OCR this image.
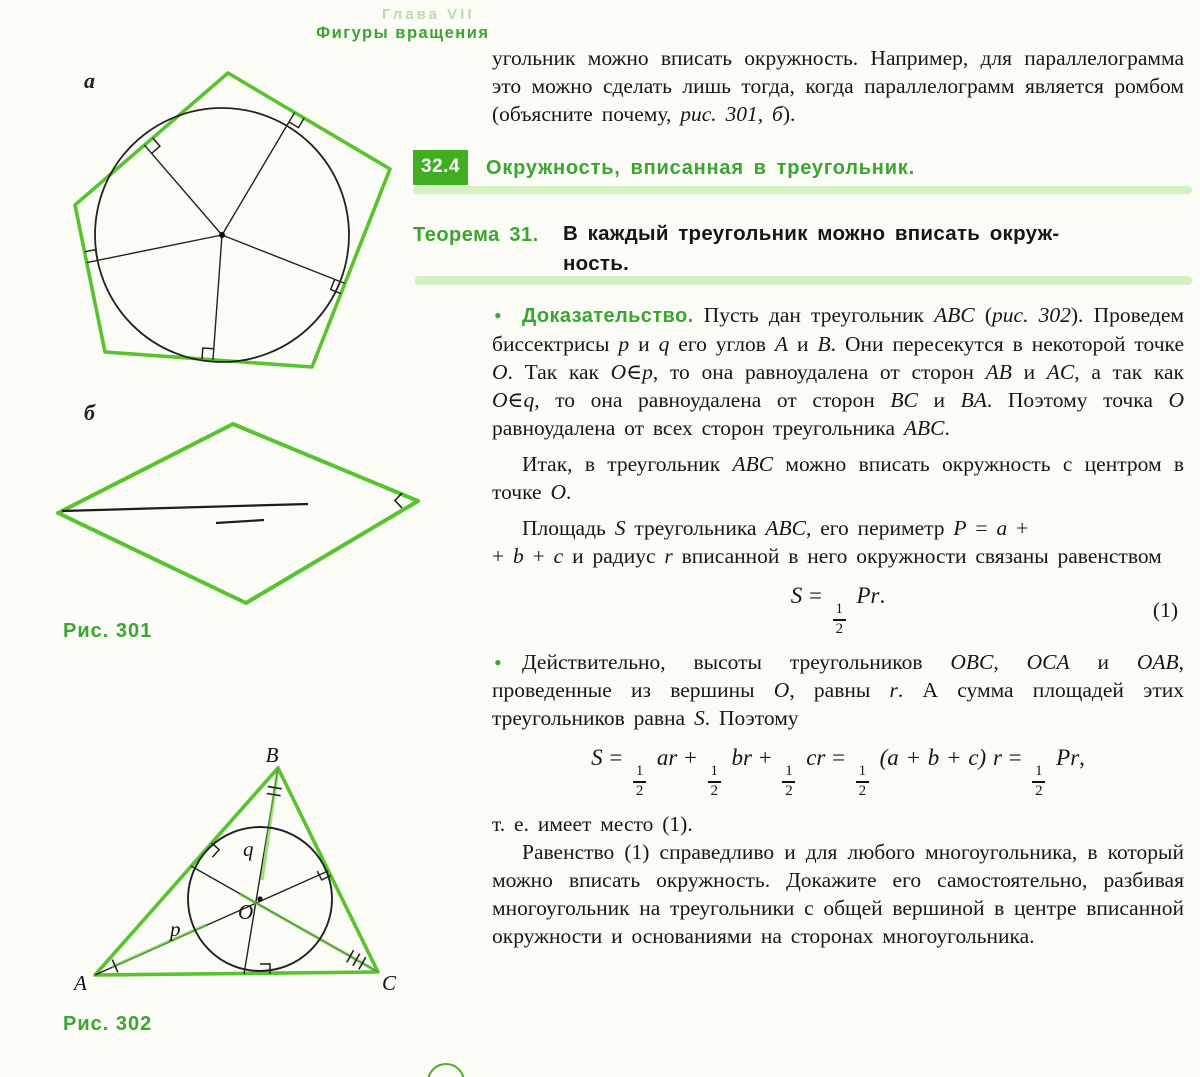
Глава VII
Фигуры вращения
а
б
Рис. 301
B
A	C
O
p
q
Рис. 302

угольник можно вписать окружность. Например, для параллелограмма это можно сделать лишь тогда, когда параллелограмм является ромбом (объясните почему, рис. 301, б).

32.4	Окружность, вписанная в треугольник.
Теорема 31.	В каждый треугольник можно вписать окруж-
ность.

• Доказательство. Пусть дан треугольник ABC (рис. 302). Проведем биссектрисы p и q его углов A и B. Они пересекутся в некоторой точке O. Так как O∈p, то она равноудалена от сторон AB и AC, а так как O∈q, то она равноудалена от сторон BC и BA. Поэтому точка O равноудалена от всех сторон треугольника ABC.

Итак, в треугольник ABC можно вписать окружность с центром в точке O.

Площадь S треугольника ABC, его периметр P = a +
+ b + c и радиус r вписанной в него окружности связаны равенством

S =
$\frac{1}{2}$
Pr.
(1)

• Действительно, высоты треугольников OBC, OCA и OAB, проведенные из вершины O, равны r. А сумма площадей этих треугольников равна S. Поэтому

S =
$\frac{1}{2}$
ar +
$\frac{1}{2}$
br +
$\frac{1}{2}$
cr =
$\frac{1}{2}$
(a + b + c) r =
$\frac{1}{2}$
Pr,

т. е. имеет место (1).

Равенство (1) справедливо и для любого многоугольника, в который можно вписать окружность. Докажите его самостоятельно, разбивая многоугольник на треугольники с общей вершиной в центре вписанной окружности и основаниями на сторонах многоугольника.
